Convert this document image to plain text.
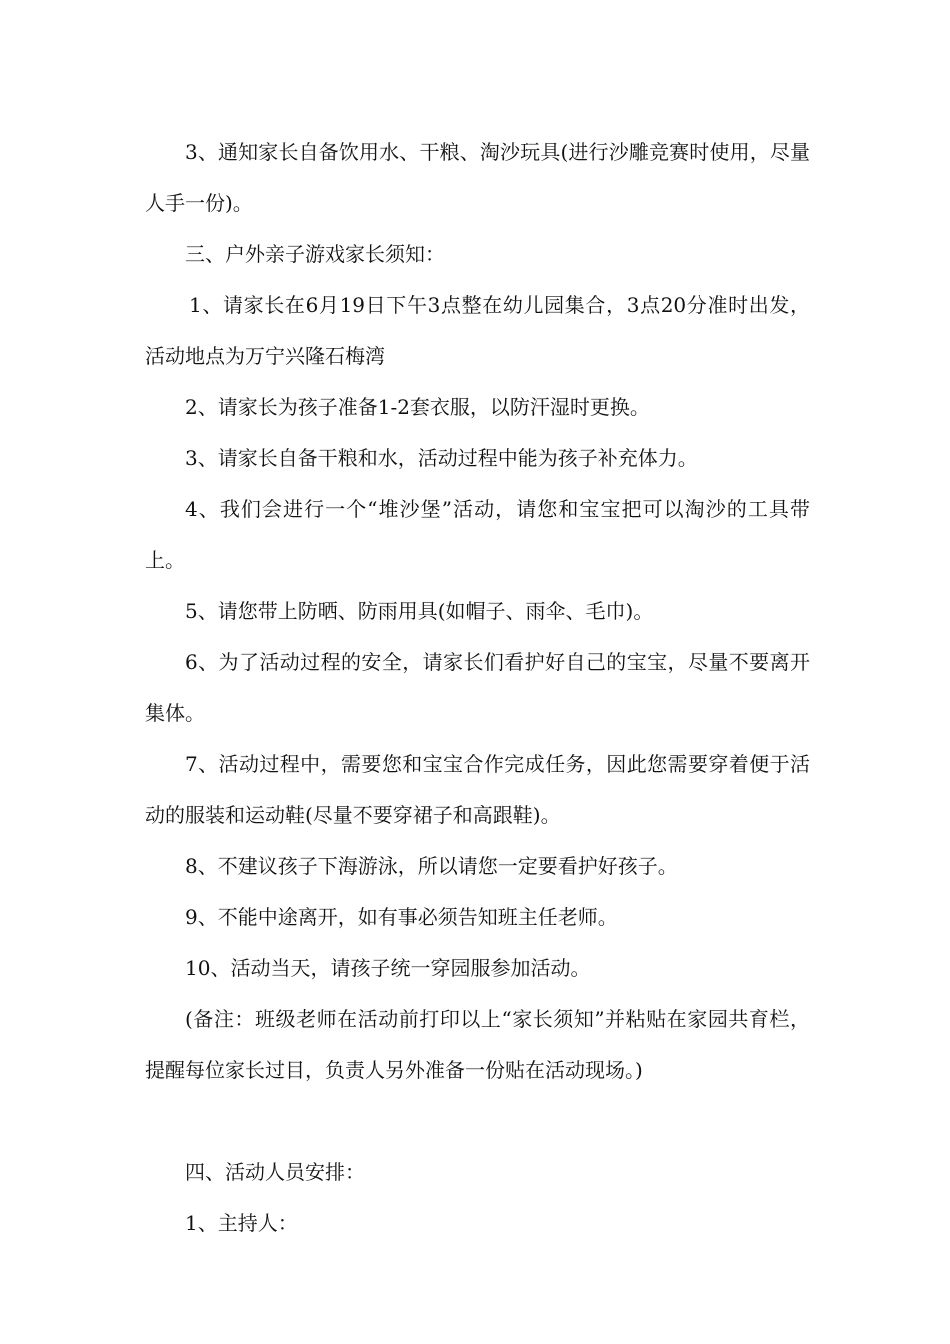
3、通知家长自备饮用水、干粮、淘沙玩具(进行沙雕竞赛时使用，尽量人手一份)。

三、户外亲子游戏家长须知：

1、请家长在6月19日下午3点整在幼儿园集合，3点20分准时出发，活动地点为万宁兴隆石梅湾

2、请家长为孩子准备1-2套衣服，以防汗湿时更换。

3、请家长自备干粮和水，活动过程中能为孩子补充体力。

4、我们会进行一个“堆沙堡”活动，请您和宝宝把可以淘沙的工具带上。

5、请您带上防晒、防雨用具(如帽子、雨伞、毛巾)。

6、为了活动过程的安全，请家长们看护好自己的宝宝，尽量不要离开集体。

7、活动过程中，需要您和宝宝合作完成任务，因此您需要穿着便于活动的服装和运动鞋(尽量不要穿裙子和高跟鞋)。

8、不建议孩子下海游泳，所以请您一定要看护好孩子。

9、不能中途离开，如有事必须告知班主任老师。

10、活动当天，请孩子统一穿园服参加活动。

(备注：班级老师在活动前打印以上“家长须知”并粘贴在家园共育栏，提醒每位家长过目，负责人另外准备一份贴在活动现场。)

四、活动人员安排：

1、主持人：
